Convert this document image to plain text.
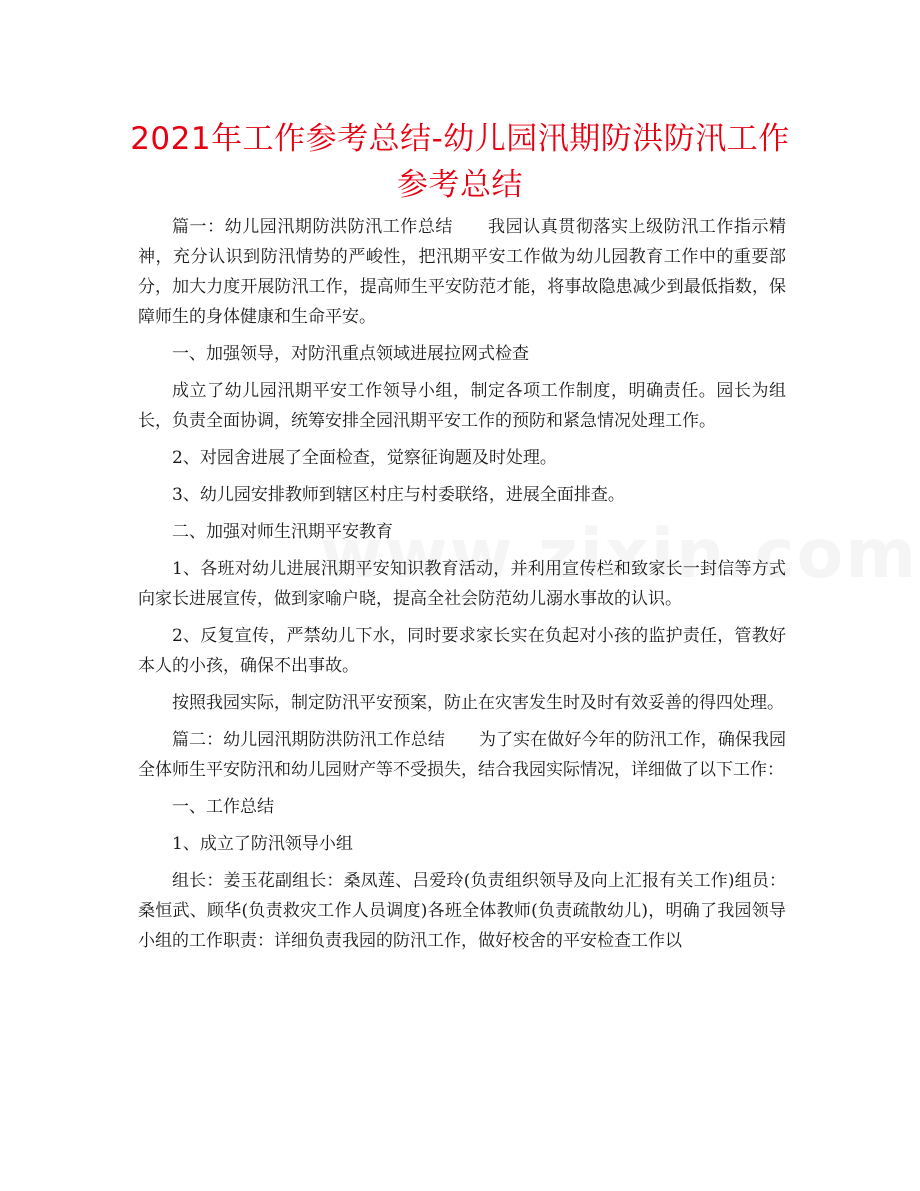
2021年工作参考总结-幼儿园汛期防洪防汛工作参考总结

篇一：幼儿园汛期防洪防汛工作总结　　我园认真贯彻落实上级防汛工作指示精神，充分认识到防汛情势的严峻性，把汛期平安工作做为幼儿园教育工作中的重要部分，加大力度开展防汛工作，提高师生平安防范才能，将事故隐患减少到最低指数，保障师生的身体健康和生命平安。

一、加强领导，对防汛重点领域进展拉网式检查

成立了幼儿园汛期平安工作领导小组，制定各项工作制度，明确责任。园长为组长，负责全面协调，统筹安排全园汛期平安工作的预防和紧急情况处理工作。

2、对园舍进展了全面检查，觉察征询题及时处理。

3、幼儿园安排教师到辖区村庄与村委联络，进展全面排查。

二、加强对师生汛期平安教育

1、各班对幼儿进展汛期平安知识教育活动，并利用宣传栏和致家长一封信等方式向家长进展宣传，做到家喻户晓，提高全社会防范幼儿溺水事故的认识。

2、反复宣传，严禁幼儿下水，同时要求家长实在负起对小孩的监护责任，管教好本人的小孩，确保不出事故。

按照我园实际，制定防汛平安预案，防止在灾害发生时及时有效妥善的得四处理。

篇二：幼儿园汛期防洪防汛工作总结　　为了实在做好今年的防汛工作，确保我园全体师生平安防汛和幼儿园财产等不受损失，结合我园实际情况，详细做了以下工作：

一、工作总结

1、成立了防汛领导小组

组长：姜玉花副组长：桑凤莲、吕爱玲(负责组织领导及向上汇报有关工作)组员：桑恒武、顾华(负责救灾工作人员调度)各班全体教师(负责疏散幼儿)，明确了我园领导小组的工作职责：详细负责我园的防汛工作，做好校舍的平安检查工作以
